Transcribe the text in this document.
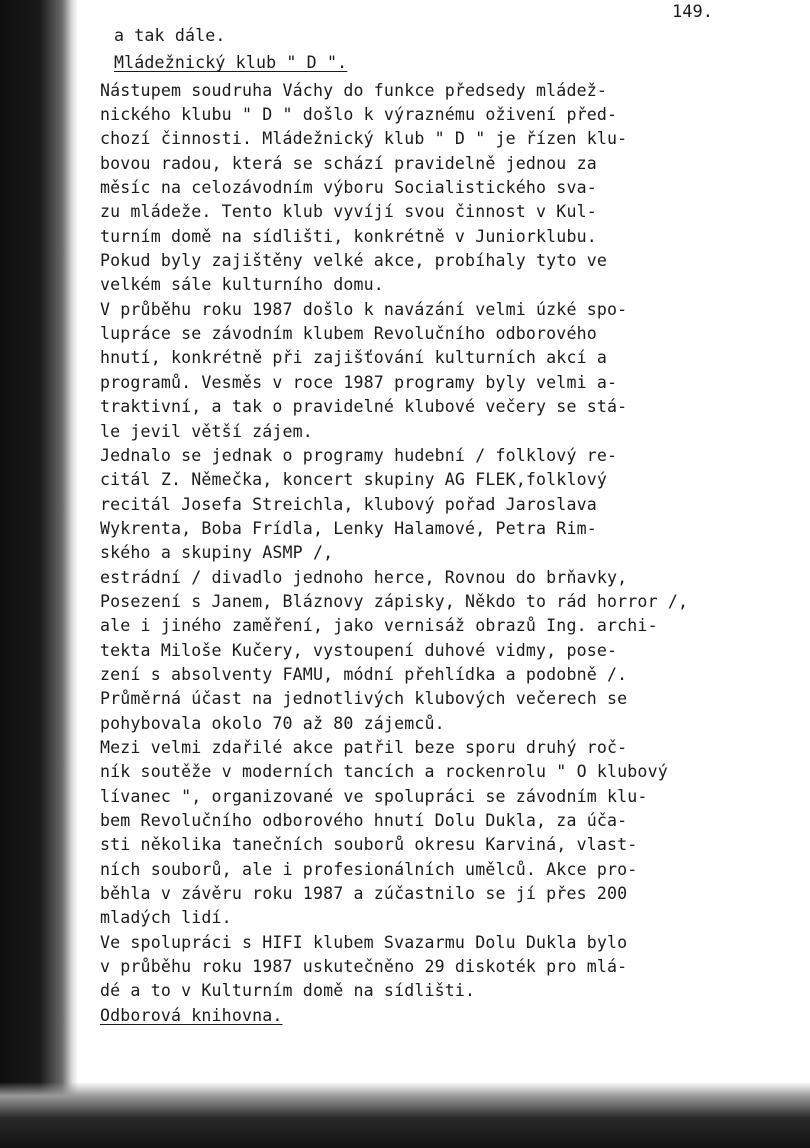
149.
a tak dále.
Mládežnický klub " D ".
Nástupem soudruha Váchy do funkce předsedy mládež-
nického klubu " D " došlo k výraznému oživení před-
chozí činnosti. Mládežnický klub " D " je řízen klu-
bovou radou, která se schází pravidelně jednou za
měsíc na celozávodním výboru Socialistického sva-
zu mládeže. Tento klub vyvíjí svou činnost v Kul-
turním domě na sídlišti, konkrétně v Juniorklubu.
Pokud byly zajištěny velké akce, probíhaly tyto ve
velkém sále kulturního domu.
V průběhu roku 1987 došlo k navázání velmi úzké spo-
lupráce se závodním klubem Revolučního odborového
hnutí, konkrétně při zajišťování kulturních akcí a
programů. Vesměs v roce 1987 programy byly velmi a-
traktivní, a tak o pravidelné klubové večery se stá-
le jevil větší zájem.
Jednalo se jednak o programy hudební / folklový re-
citál Z. Němečka, koncert skupiny AG FLEK,folklový
recitál Josefa Streichla, klubový pořad Jaroslava
Wykrenta, Boba Frídla, Lenky Halamové, Petra Rim-
ského a skupiny ASMP /,
estrádní / divadlo jednoho herce, Rovnou do brňavky,
Posezení s Janem, Bláznovy zápisky, Někdo to rád horror /,
ale i jiného zaměření, jako vernisáž obrazů Ing. archi-
tekta Miloše Kučery, vystoupení duhové vidmy, pose-
zení s absolventy FAMU, módní přehlídka a podobně /.
Průměrná účast na jednotlivých klubových večerech se
pohybovala okolo 70 až 80 zájemců.
Mezi velmi zdařilé akce patřil beze sporu druhý roč-
ník soutěže v moderních tancích a rockenrolu " O klubový
lívanec ", organizované ve spolupráci se závodním klu-
bem Revolučního odborového hnutí Dolu Dukla, za úča-
sti několika tanečních souborů okresu Karviná, vlast-
ních souborů, ale i profesionálních umělců. Akce pro-
běhla v závěru roku 1987 a zúčastnilo se jí přes 200
mladých lidí.
Ve spolupráci s HIFI klubem Svazarmu Dolu Dukla bylo
v průběhu roku 1987 uskutečněno 29 diskoték pro mlá-
dé a to v Kulturním domě na sídlišti.
Odborová knihovna.
